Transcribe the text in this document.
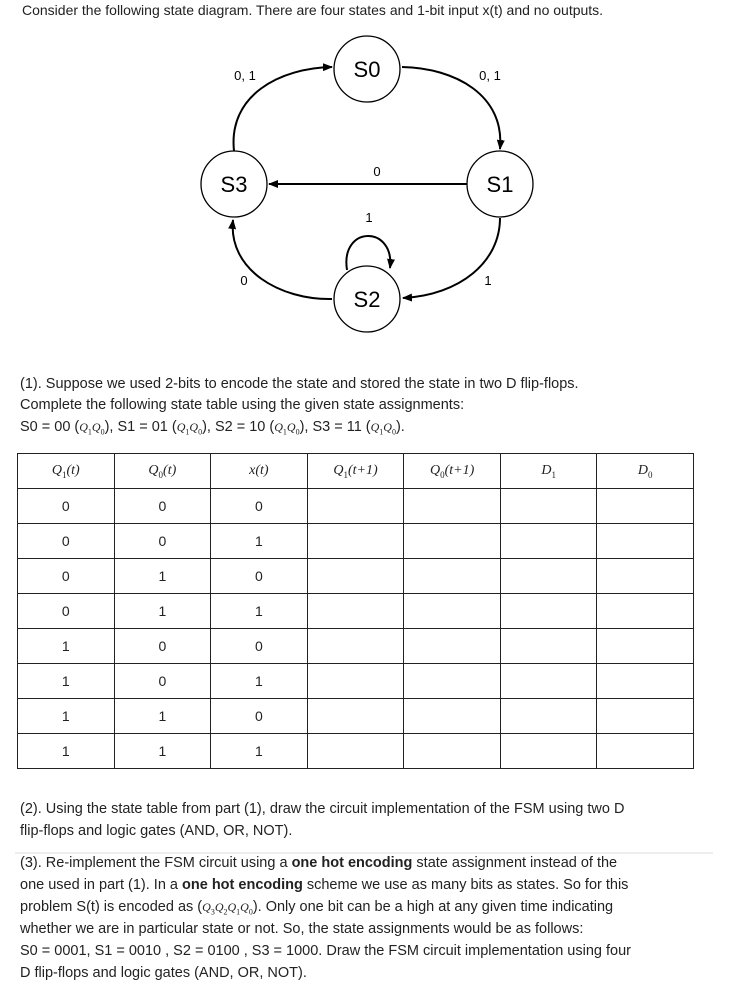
Consider the following state diagram. There are four states and 1-bit input x(t) and no outputs.
S0
S1
S2
S3
0, 1	0, 1
0
1
1
0
(1). Suppose we used 2-bits to encode the state and stored the state in two D flip-flops.
Complete the following state table using the given state assignments:
S0 = 00 $(Q_1Q_0)$, S1 = 01 $(Q_1Q_0)$, S2 = 10 $(Q_1Q_0)$, S3 = 11 $(Q_1Q_0)$.
$Q_1(t)$	$Q_0(t)$	x(t)	$Q_1(t+1)$	$Q_0(t+1)$	$D_1$	$D_0$
0	0	0				
0	0	1				
0	1	0				
0	1	1				
1	0	0				
1	0	1				
1	1	0				
1	1	1				
(2). Using the state table from part (1), draw the circuit implementation of the FSM using two D
flip-flops and logic gates (AND, OR, NOT).
(3). Re-implement the FSM circuit using a one hot encoding state assignment instead of the
one used in part (1). In a one hot encoding scheme we use as many bits as states. So for this
problem S(t) is encoded as $(Q_3Q_2Q_1Q_0)$. Only one bit can be a high at any given time indicating
whether we are in particular state or not. So, the state assignments would be as follows:
S0 = 0001, S1 = 0010 , S2 = 0100 , S3 = 1000. Draw the FSM circuit implementation using four
D flip-flops and logic gates (AND, OR, NOT).
